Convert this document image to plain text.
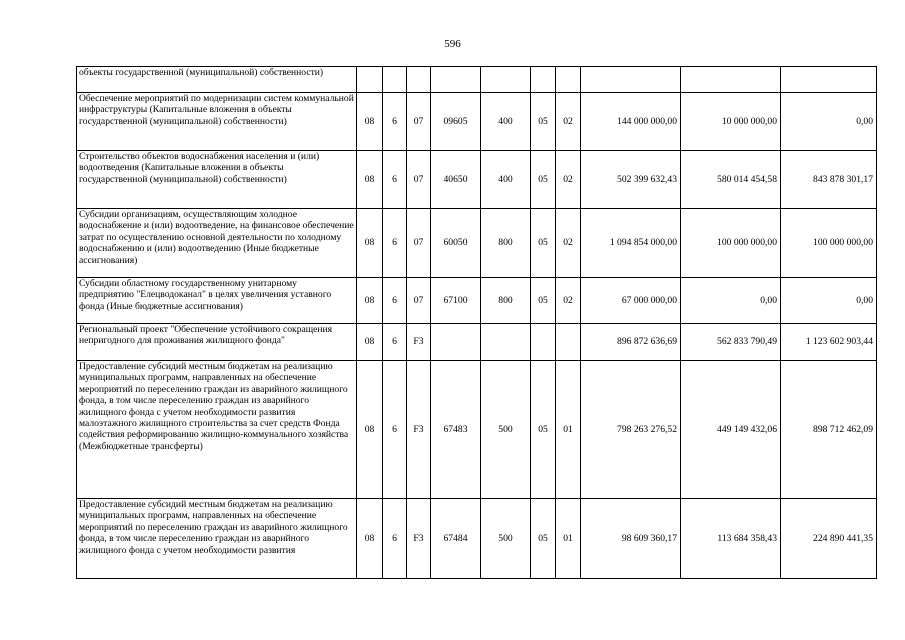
596
объекты государственной (муниципальной) собственности)										
Обеспечение мероприятий по модернизации систем коммунальной инфраструктуры (Капитальные вложения в объекты государственной (муниципальной) собственности)	08	6	07	09605	400	05	02	144 000 000,00	10 000 000,00	0,00
Строительство объектов водоснабжения населения и (или) водоотведения (Капитальные вложения в объекты государственной (муниципальной) собственности)	08	6	07	40650	400	05	02	502 399 632,43	580 014 454,58	843 878 301,17
Субсидии организациям, осуществляющим холодное водоснабжение и (или) водоотведение, на финансовое обеспечение затрат по осуществлению основной деятельности по холодному водоснабжению и (или) водоотведению (Иные бюджетные ассигнования)	08	6	07	60050	800	05	02	1 094 854 000,00	100 000 000,00	100 000 000,00
Субсидии областному государственному унитарному предприятию "Елецводоканал" в целях увеличения уставного фонда (Иные бюджетные ассигнования)	08	6	07	67100	800	05	02	67 000 000,00	0,00	0,00
Региональный проект "Обеспечение устойчивого сокращения непригодного для проживания жилищного фонда"	08	6	F3					896 872 636,69	562 833 790,49	1 123 602 903,44
Предоставление субсидий местным бюджетам на реализацию муниципальных программ, направленных на обеспечение мероприятий по переселению граждан из аварийного жилищного фонда, в том числе переселению граждан из аварийного жилищного фонда с учетом необходимости развития малоэтажного жилищного строительства за счет средств Фонда содействия реформированию жилищно-коммунального хозяйства (Межбюджетные трансферты)	08	6	F3	67483	500	05	01	798 263 276,52	449 149 432,06	898 712 462,09
Предоставление субсидий местным бюджетам на реализацию муниципальных программ, направленных на обеспечение мероприятий по переселению граждан из аварийного жилищного фонда, в том числе переселению граждан из аварийного жилищного фонда с учетом необходимости развития	08	6	F3	67484	500	05	01	98 609 360,17	113 684 358,43	224 890 441,35
